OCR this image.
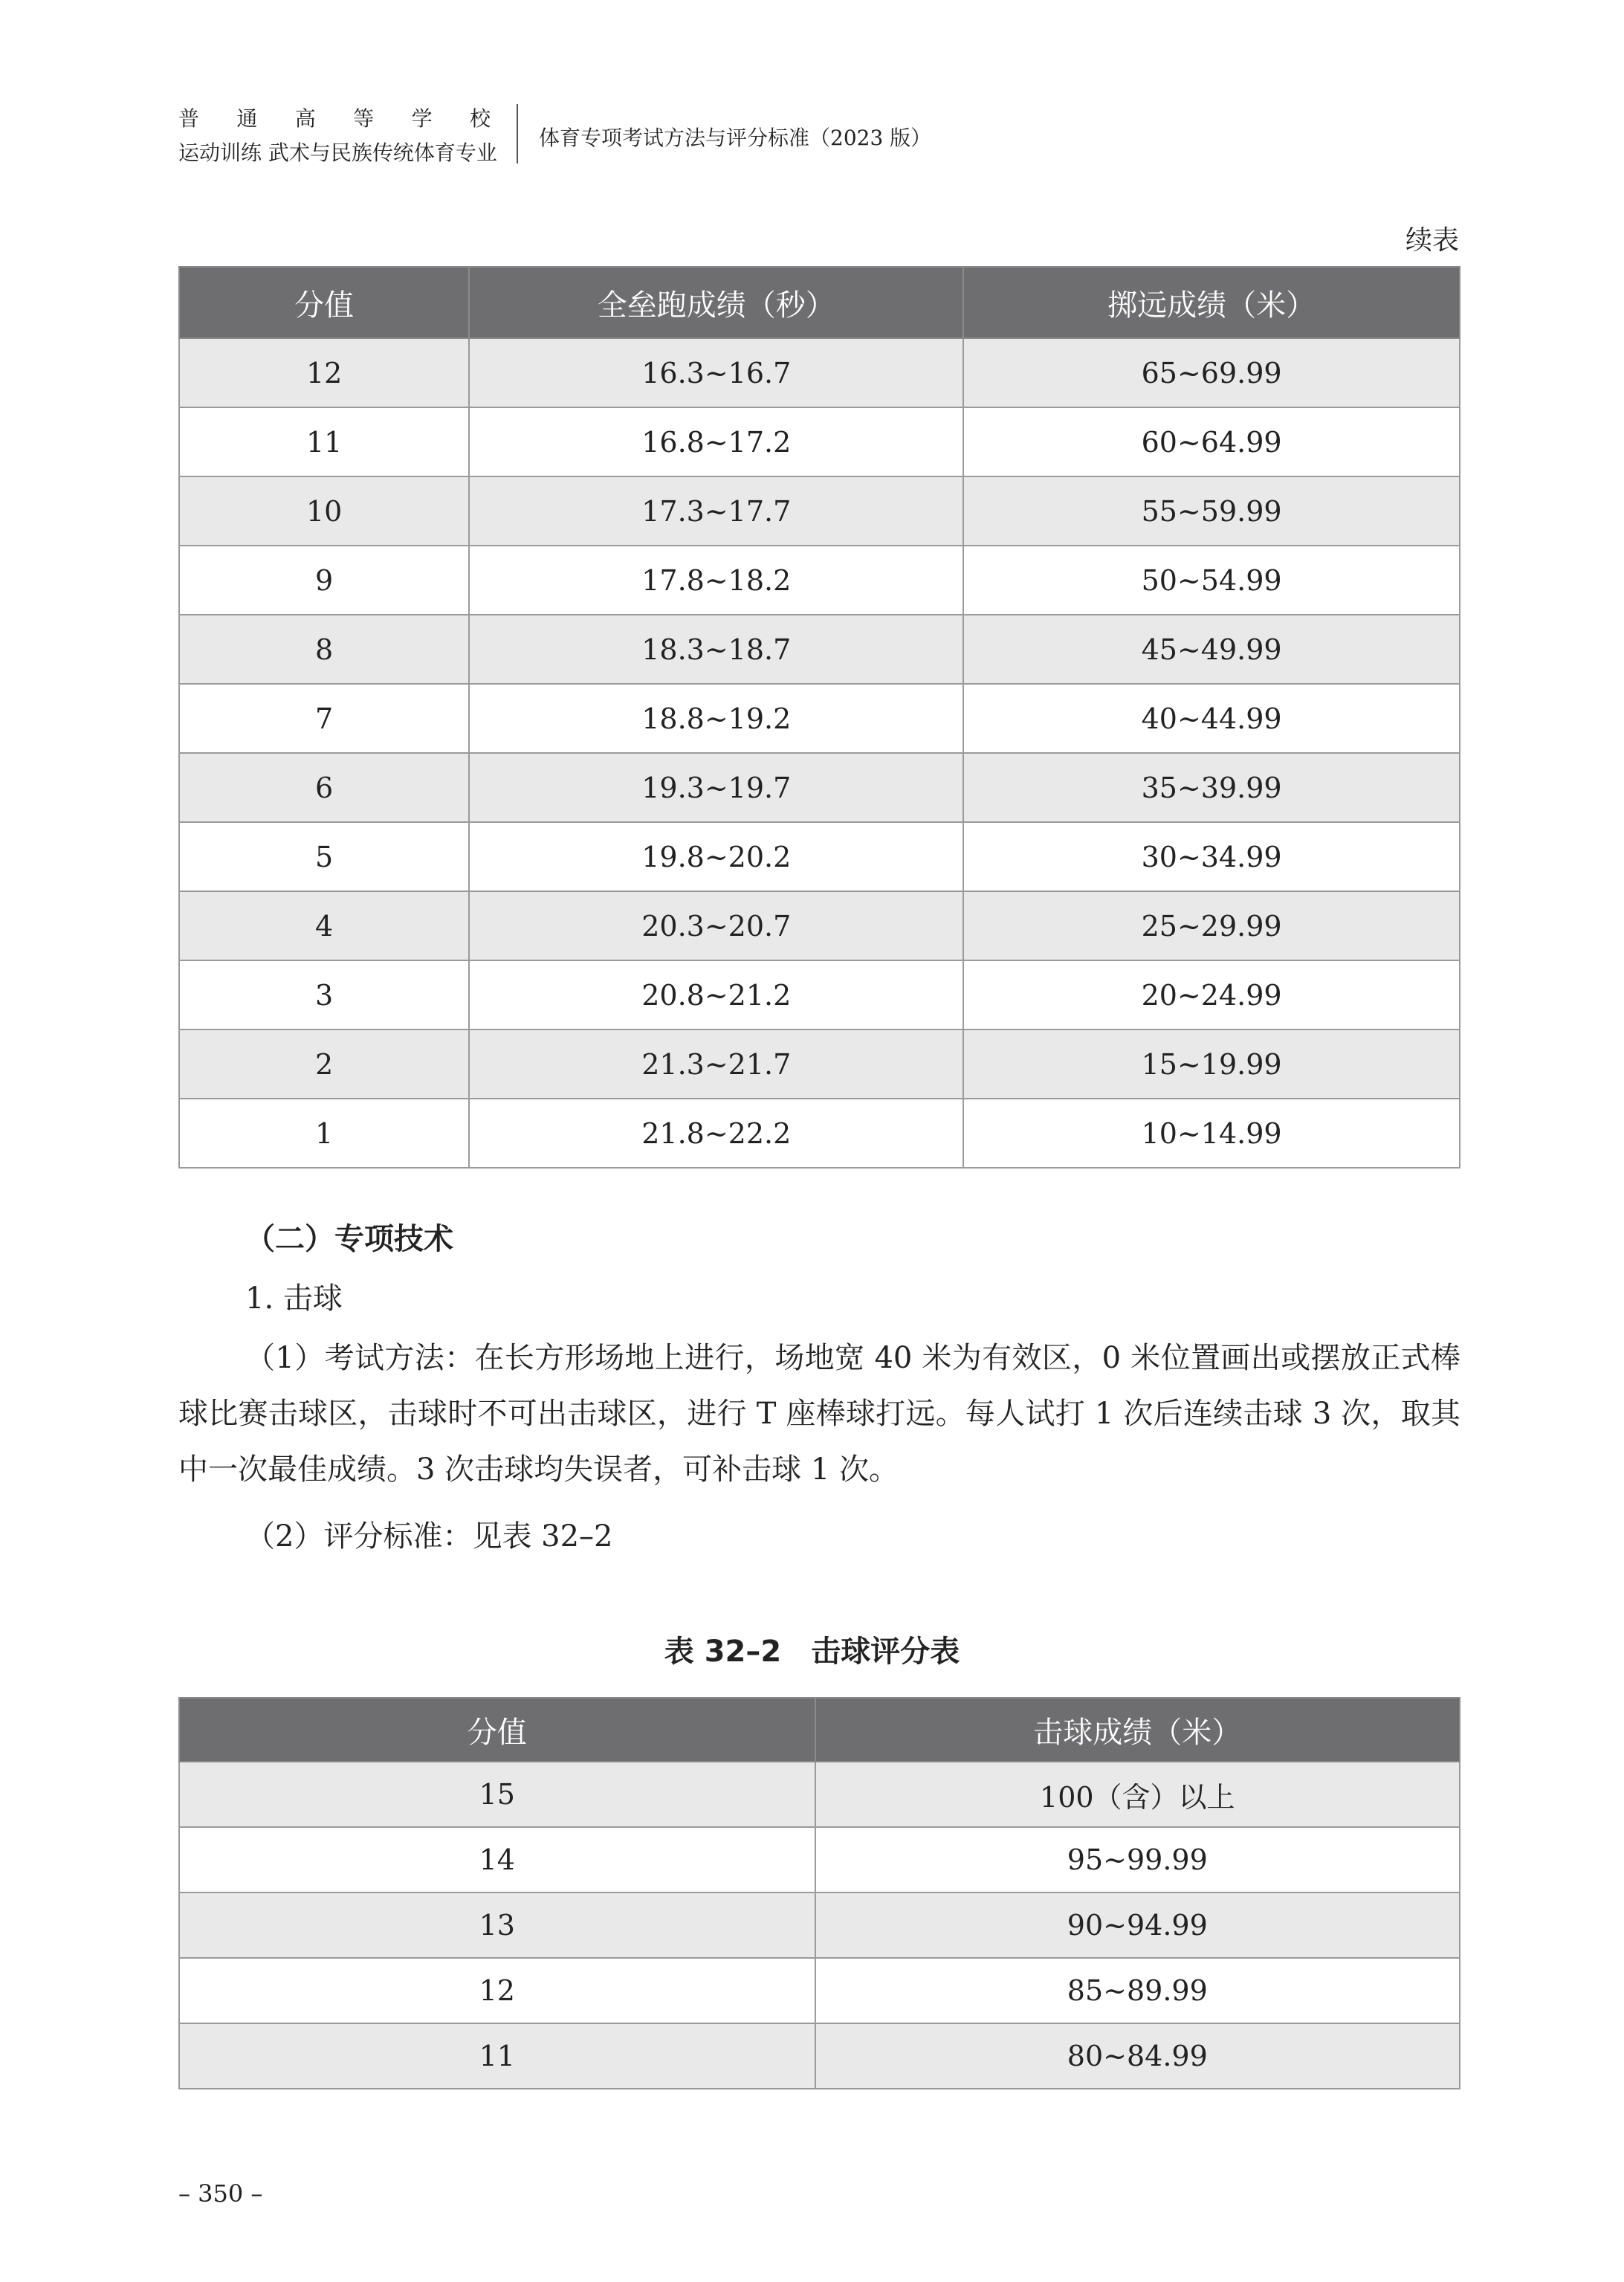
普 通 高 等 学 校
运动训练 武术与民族传统体育专业
体育专项考试方法与评分标准（2023 版）
续表
分值	全垒跑成绩（秒）	掷远成绩（米）
12	16.3~16.7	65~69.99
11	16.8~17.2	60~64.99
10	17.3~17.7	55~59.99
9	17.8~18.2	50~54.99
8	18.3~18.7	45~49.99
7	18.8~19.2	40~44.99
6	19.3~19.7	35~39.99
5	19.8~20.2	30~34.99
4	20.3~20.7	25~29.99
3	20.8~21.2	20~24.99
2	21.3~21.7	15~19.99
1	21.8~22.2	10~14.99
（二）专项技术
1. 击球

（1）考试方法：在长方形场地上进行，场地宽 40 米为有效区，0 米位置画出或摆放正式棒球比赛击球区，击球时不可出击球区，进行 T 座棒球打远。每人试打 1 次后连续击球 3 次，取其中一次最佳成绩。3 次击球均失误者，可补击球 1 次。

（2）评分标准：见表 32–2
表 32–2　击球评分表
分值	击球成绩（米）
15	100（含）以上
14	95~99.99
13	90~94.99
12	85~89.99
11	80~84.99
– 350 –
